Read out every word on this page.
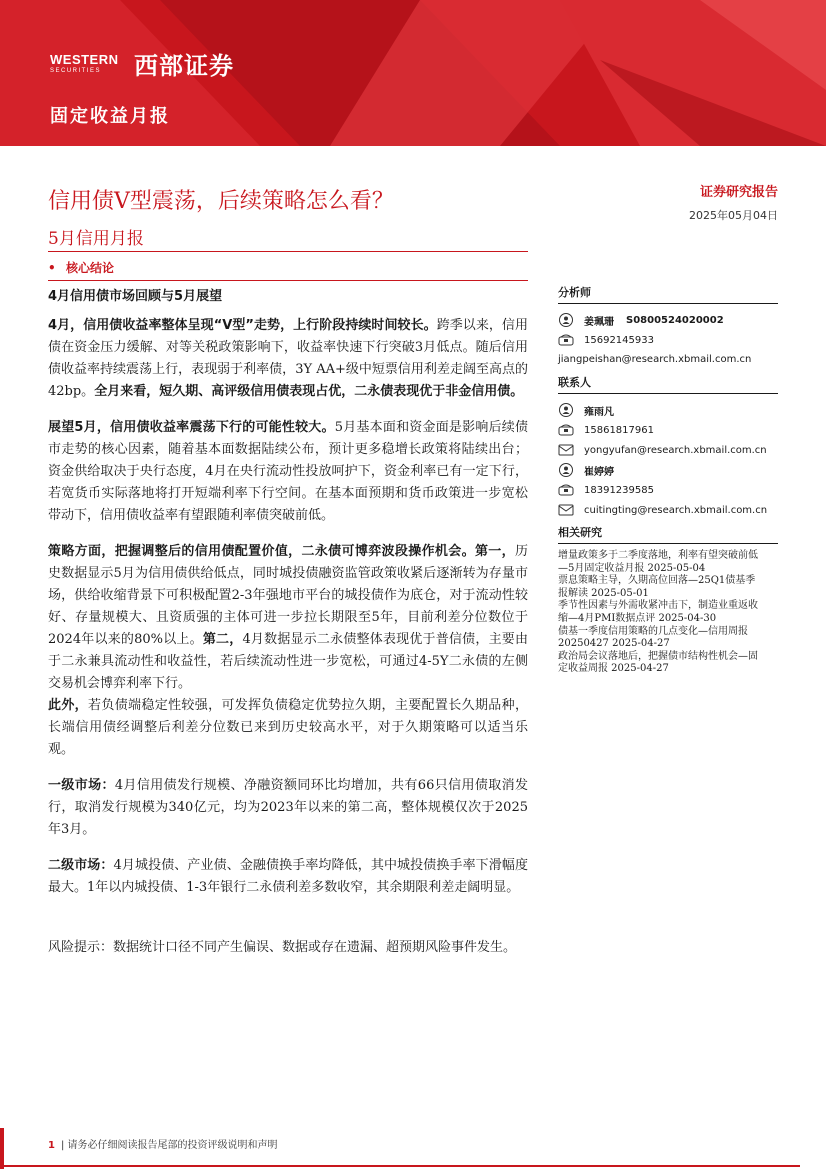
WESTERN
SECURITIES	西部证券
固定收益月报
信用债V型震荡，后续策略怎么看？
5月信用月报
证券研究报告
2025年05月04日
• 核心结论
4月信用债市场回顾与5月展望

4月，信用债收益率整体呈现“V型”走势，上行阶段持续时间较长。跨季以来，信用债在资金压力缓解、对等关税政策影响下，收益率快速下行突破3月低点。随后信用债收益率持续震荡上行，表现弱于利率债，3Y AA+级中短票信用利差走阔至高点的42bp。全月来看，短久期、高评级信用债表现占优，二永债表现优于非金信用债。

展望5月，信用债收益率震荡下行的可能性较大。5月基本面和资金面是影响后续债市走势的核心因素，随着基本面数据陆续公布，预计更多稳增长政策将陆续出台；资金供给取决于央行态度，4月在央行流动性投放呵护下，资金利率已有一定下行，若宽货币实际落地将打开短端利率下行空间。在基本面预期和货币政策进一步宽松带动下，信用债收益率有望跟随利率债突破前低。

策略方面，把握调整后的信用债配置价值，二永债可博弈波段操作机会。第一，历史数据显示5月为信用债供给低点，同时城投债融资监管政策收紧后逐渐转为存量市场，供给收缩背景下可积极配置2-3年强地市平台的城投债作为底仓，对于流动性较好、存量规模大、且资质强的主体可进一步拉长期限至5年，目前利差分位数位于2024年以来的80%以上。第二，4月数据显示二永债整体表现优于普信债，主要由于二永兼具流动性和收益性，若后续流动性进一步宽松，可通过4-5Y二永债的左侧交易机会博弈利率下行。

此外，若负债端稳定性较强，可发挥负债稳定优势拉久期，主要配置长久期品种，长端信用债经调整后利差分位数已来到历史较高水平，对于久期策略可以适当乐观。

一级市场：4月信用债发行规模、净融资额同环比均增加，共有66只信用债取消发行，取消发行规模为340亿元，均为2023年以来的第二高，整体规模仅次于2025年3月。

二级市场：4月城投债、产业债、金融债换手率均降低，其中城投债换手率下滑幅度最大。1年以内城投债、1-3年银行二永债利差多数收窄，其余期限利差走阔明显。

风险提示：数据统计口径不同产生偏误、数据或存在遗漏、超预期风险事件发生。

分析师
姜珮珊 S0800524020002
15692145933
jiangpeishan@research.xbmail.com.cn
联系人
雍雨凡
15861817961
yongyufan@research.xbmail.com.cn
崔婷婷
18391239585
cuitingting@research.xbmail.com.cn
相关研究
增量政策多于二季度落地，利率有望突破前低
—5月固定收益月报 2025-05-04
票息策略主导，久期高位回落—25Q1债基季
报解读 2025-05-01
季节性因素与外需收紧冲击下，制造业重返收
缩—4月PMI数据点评 2025-04-30
债基一季度信用策略的几点变化—信用周报
20250427 2025-04-27
政治局会议落地后，把握债市结构性机会—固
定收益周报 2025-04-27
1 | 请务必仔细阅读报告尾部的投资评级说明和声明
